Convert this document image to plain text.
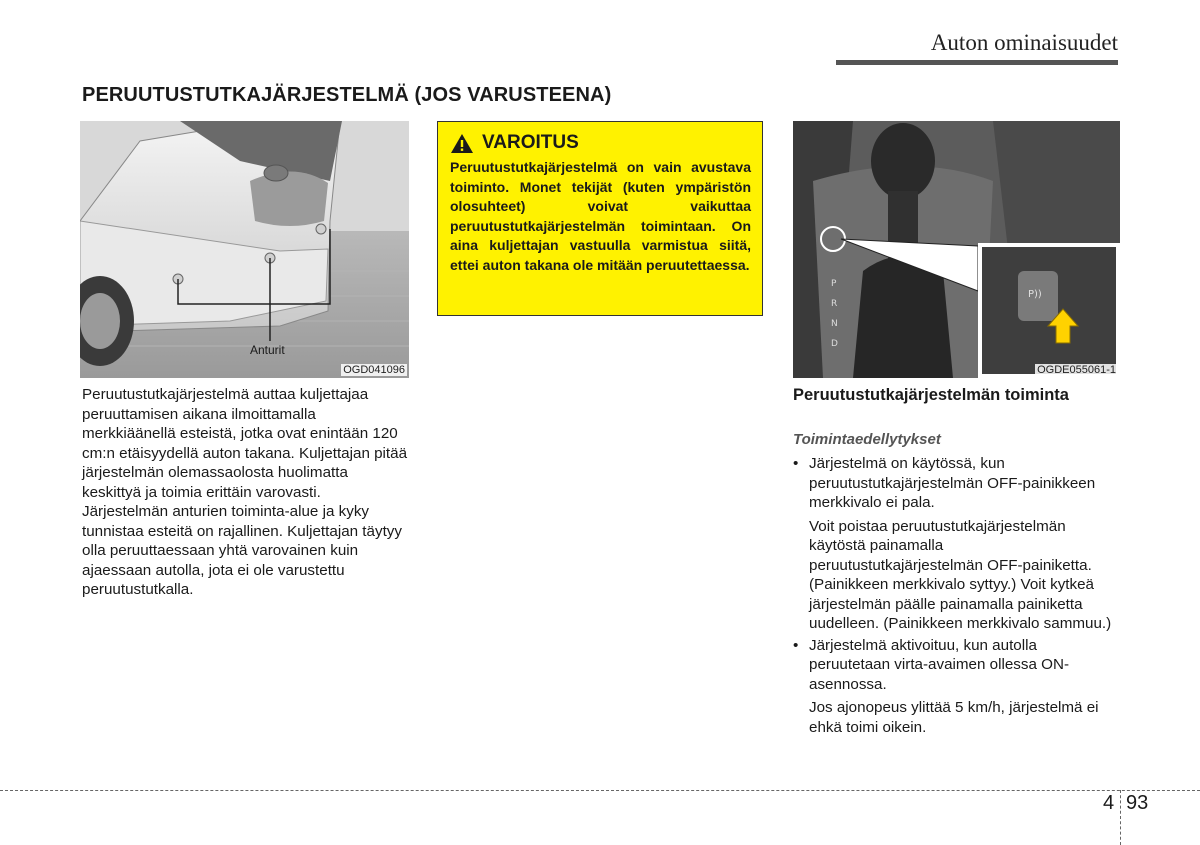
Auton ominaisuudet
PERUUTUSTUTKAJÄRJESTELMÄ (JOS VARUSTEENA)
Anturit
OGD041096
Peruutustutkajärjestelmä auttaa kuljettajaa peruuttamisen aikana ilmoittamalla merkkiäänellä esteistä, jotka ovat enintään 120 cm:n etäisyydellä auton takana. Kuljettajan pitää järjestelmän olemassaolosta huolimatta keskittyä ja toimia erittäin varovasti. Järjestelmän anturien toiminta-alue ja kyky tunnistaa esteitä on rajallinen. Kuljettajan täytyy olla peruuttaessaan yhtä varovainen kuin ajaessaan autolla, jota ei ole varustettu peruutustutkalla.
VAROITUS
Peruutustutkajärjestelmä on vain avustava toiminto. Monet tekijät (kuten ympäristön olosuhteet) voivat vaikuttaa peruutustutkajärjestelmän toimintaan. On aina kuljettajan vastuulla varmistua siitä, ettei auton takana ole mitään peruutettaessa.
P
R
N
D
P))
OGDE055061-1
Peruutustutkajärjestelmän toiminta
Toimintaedellytykset

• Järjestelmä on käytössä, kun peruutustutkajärjestelmän OFF-painikkeen merkkivalo ei pala.

Voit poistaa peruutustutkajärjestelmän käytöstä painamalla peruutustutkajärjestelmän OFF-painiketta. (Painikkeen merkkivalo syttyy.) Voit kytkeä järjestelmän päälle painamalla painiketta uudelleen. (Painikkeen merkkivalo sammuu.)

• Järjestelmä aktivoituu, kun autolla peruutetaan virta-avaimen ollessa ON-asennossa.

Jos ajonopeus ylittää 5 km/h, järjestelmä ei ehkä toimi oikein.

4 93
